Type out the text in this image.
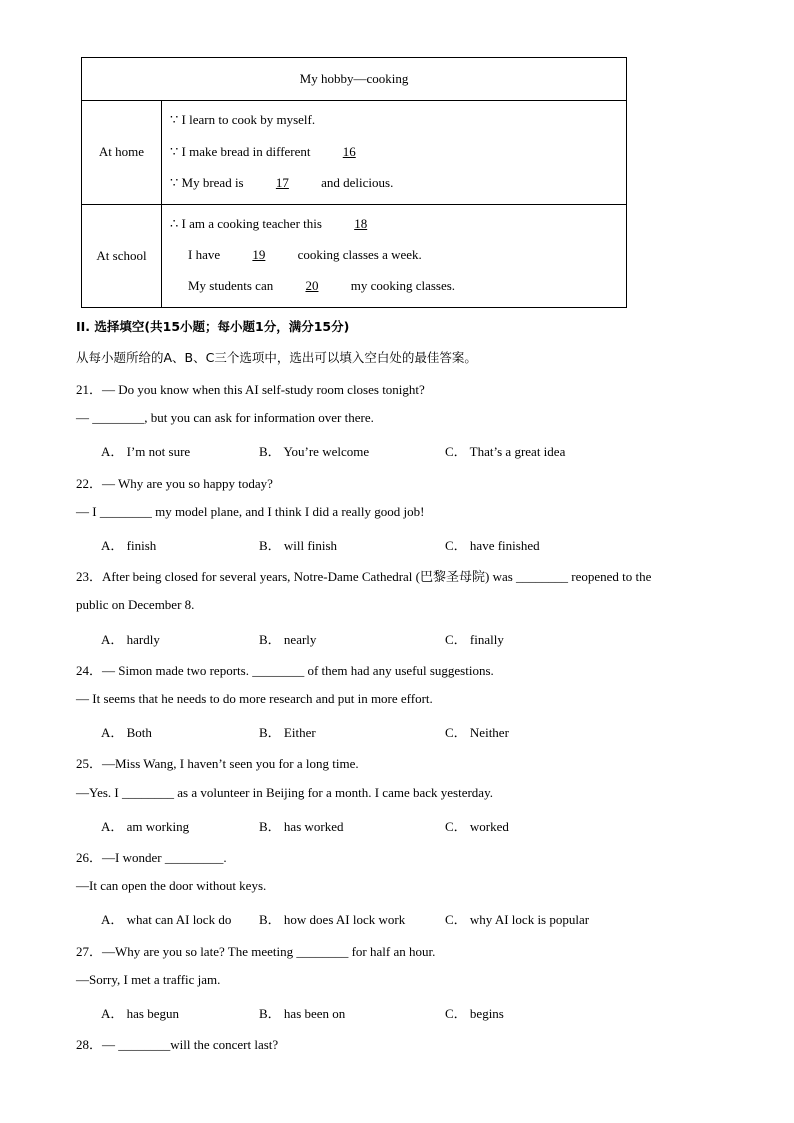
My hobby—cooking
At home
∵ I learn to cook by myself.
∵ I make bread in different 16
∵ My bread is 17 and delicious.
At school
∴ I am a cooking teacher this 18
I have 19 cooking classes a week.
My students can 20 my cooking classes.
II. 选择填空(共15小题；每小题1分，满分15分)
从每小题所给的A、B、C三个选项中，选出可以填入空白处的最佳答案。
21．— Do you know when this AI self-study room closes tonight?
— ________, but you can ask for information over there.
A． I’m not sure	B． You’re welcome	C． That’s a great idea
22．— Why are you so happy today?
— I ________ my model plane, and I think I did a really good job!
A． finish	B． will finish	C． have finished
23．After being closed for several years, Notre-Dame Cathedral (巴黎圣母院) was ________ reopened to the
public on December 8.
A． hardly	B． nearly	C． finally
24．— Simon made two reports. ________ of them had any useful suggestions.
— It seems that he needs to do more research and put in more effort.
A． Both	B． Either	C． Neither
25．—Miss Wang, I haven’t seen you for a long time.
—Yes. I ________ as a volunteer in Beijing for a month. I came back yesterday.
A． am working	B． has worked	C． worked
26．—I wonder _________.
—It can open the door without keys.
A． what can AI lock do B． how does AI lock work	C． why AI lock is popular
27．—Why are you so late? The meeting ________ for half an hour.
—Sorry, I met a traffic jam.
A． has begun	B． has been on	C． begins
28．— ________will the concert last?
